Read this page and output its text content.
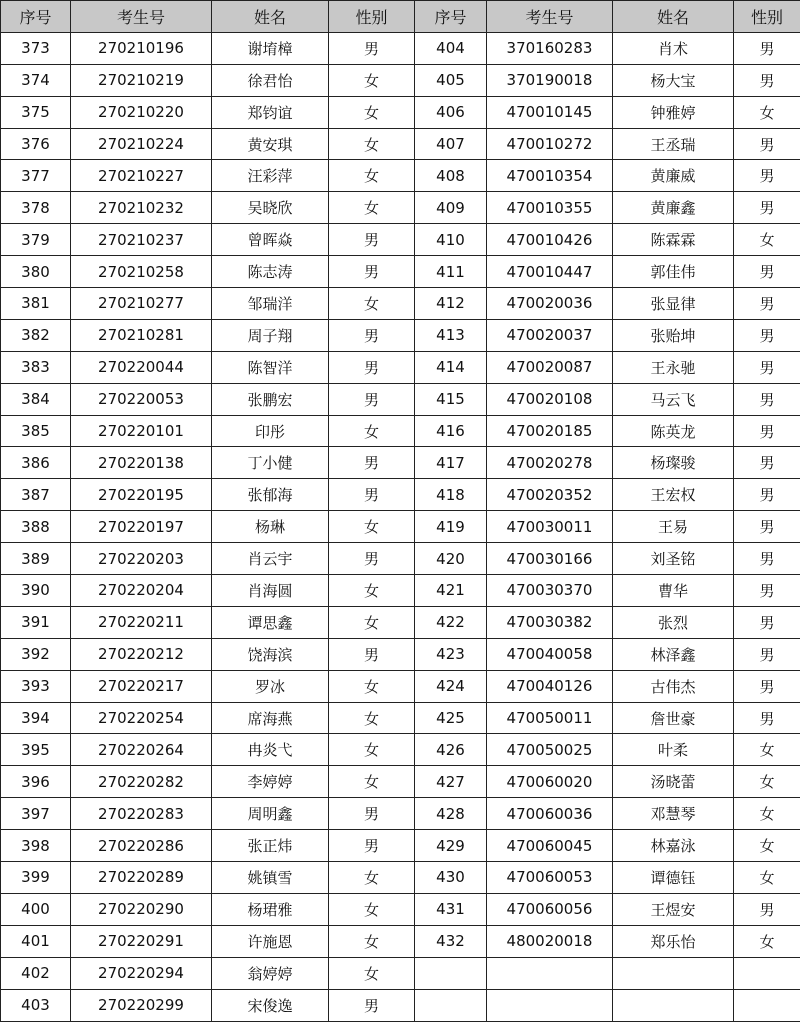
序号	考生号	姓名	性别	序号	考生号	姓名	性别
373	270210196	谢堉樟	男	404	370160283	肖术	男
374	270210219	徐君怡	女	405	370190018	杨大宝	男
375	270210220	郑钧谊	女	406	470010145	钟雅婷	女
376	270210224	黄安琪	女	407	470010272	王丞瑞	男
377	270210227	汪彩萍	女	408	470010354	黄廉威	男
378	270210232	吴晓欣	女	409	470010355	黄廉鑫	男
379	270210237	曾晖焱	男	410	470010426	陈霖霖	女
380	270210258	陈志涛	男	411	470010447	郭佳伟	男
381	270210277	邹瑞洋	女	412	470020036	张显律	男
382	270210281	周子翔	男	413	470020037	张贻坤	男
383	270220044	陈智洋	男	414	470020087	王永驰	男
384	270220053	张鹏宏	男	415	470020108	马云飞	男
385	270220101	印彤	女	416	470020185	陈英龙	男
386	270220138	丁小健	男	417	470020278	杨璨骏	男
387	270220195	张郁海	男	418	470020352	王宏权	男
388	270220197	杨琳	女	419	470030011	王易	男
389	270220203	肖云宇	男	420	470030166	刘圣铭	男
390	270220204	肖海圆	女	421	470030370	曹华	男
391	270220211	谭思鑫	女	422	470030382	张烈	男
392	270220212	饶海滨	男	423	470040058	林泽鑫	男
393	270220217	罗冰	女	424	470040126	古伟杰	男
394	270220254	席海燕	女	425	470050011	詹世豪	男
395	270220264	冉炎弋	女	426	470050025	叶柔	女
396	270220282	李婷婷	女	427	470060020	汤晓蕾	女
397	270220283	周明鑫	男	428	470060036	邓慧琴	女
398	270220286	张正炜	男	429	470060045	林嘉泳	女
399	270220289	姚镇雪	女	430	470060053	谭德钰	女
400	270220290	杨珺雅	女	431	470060056	王煜安	男
401	270220291	许施恩	女	432	480020018	郑乐怡	女
402	270220294	翁婷婷	女				
403	270220299	宋俊逸	男				
